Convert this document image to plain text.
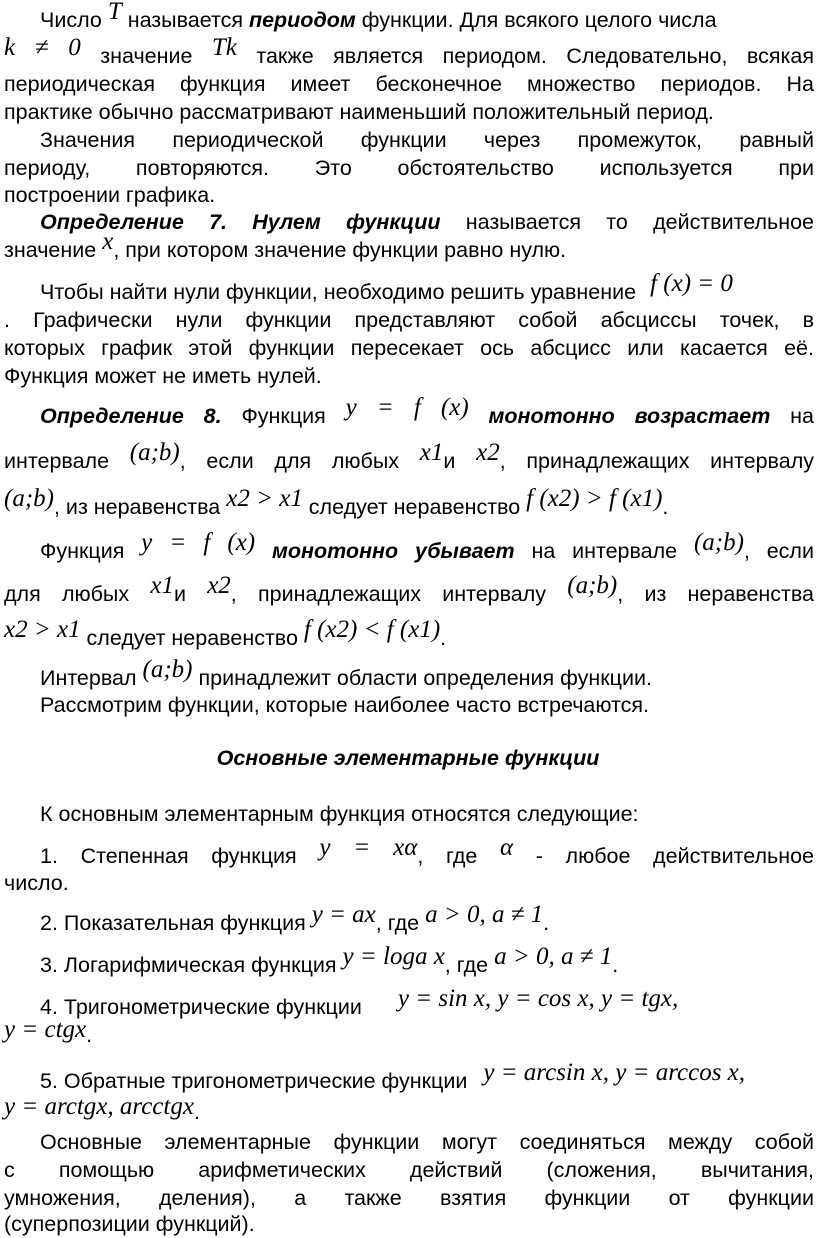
Число T называется периодом функции. Для всякого целого числа
k ≠ 0 значение Tk также является периодом. Следовательно, всякая
периодическая функция имеет бесконечное множество периодов. На
практике обычно рассматривают наименьший положительный период.
Значения периодической функции через промежуток, равный
периоду, повторяются. Это обстоятельство используется при
построении графика.
Определение 7. Нулем функции называется то действительное
значение x, при котором значение функции равно нулю.
Чтобы найти нули функции, необходимо решить уравнение f (x) = 0
. Графически нули функции представляют собой абсциссы точек, в
которых график этой функции пересекает ось абсцисс или касается её.
Функция может не иметь нулей.
Определение 8. Функция y = f (x) монотонно возрастает на
интервале (a;b), если для любых x1и x2, принадлежащих интервалу
(a;b), из неравенства x2 > x1 следует неравенство f (x2) > f (x1).
Функция y = f (x) монотонно убывает на интервале (a;b), если
для любых x1и x2, принадлежащих интервалу (a;b), из неравенства
x2 > x1 следует неравенство f (x2) < f (x1).
Интервал (a;b) принадлежит области определения функции.
Рассмотрим функции, которые наиболее часто встречаются.
Основные элементарные функции
К основным элементарным функция относятся следующие:
1. Степенная функция y = xα, где α - любое действительное
число.
2. Показательная функция y = ax, где a > 0, a ≠ 1.
3. Логарифмическая функция y = loga x, где a > 0, a ≠ 1.
4. Тригонометрические функции y = sin x, y = cos x, y = tgx,
y = ctgx.
5. Обратные тригонометрические функции y = arcsin x, y = arccos x,
y = arctgx, arcctgx.
Основные элементарные функции могут соединяться между собой
с помощью арифметических действий (сложения, вычитания,
умножения, деления), а также взятия функции от функции
(суперпозиции функций).
